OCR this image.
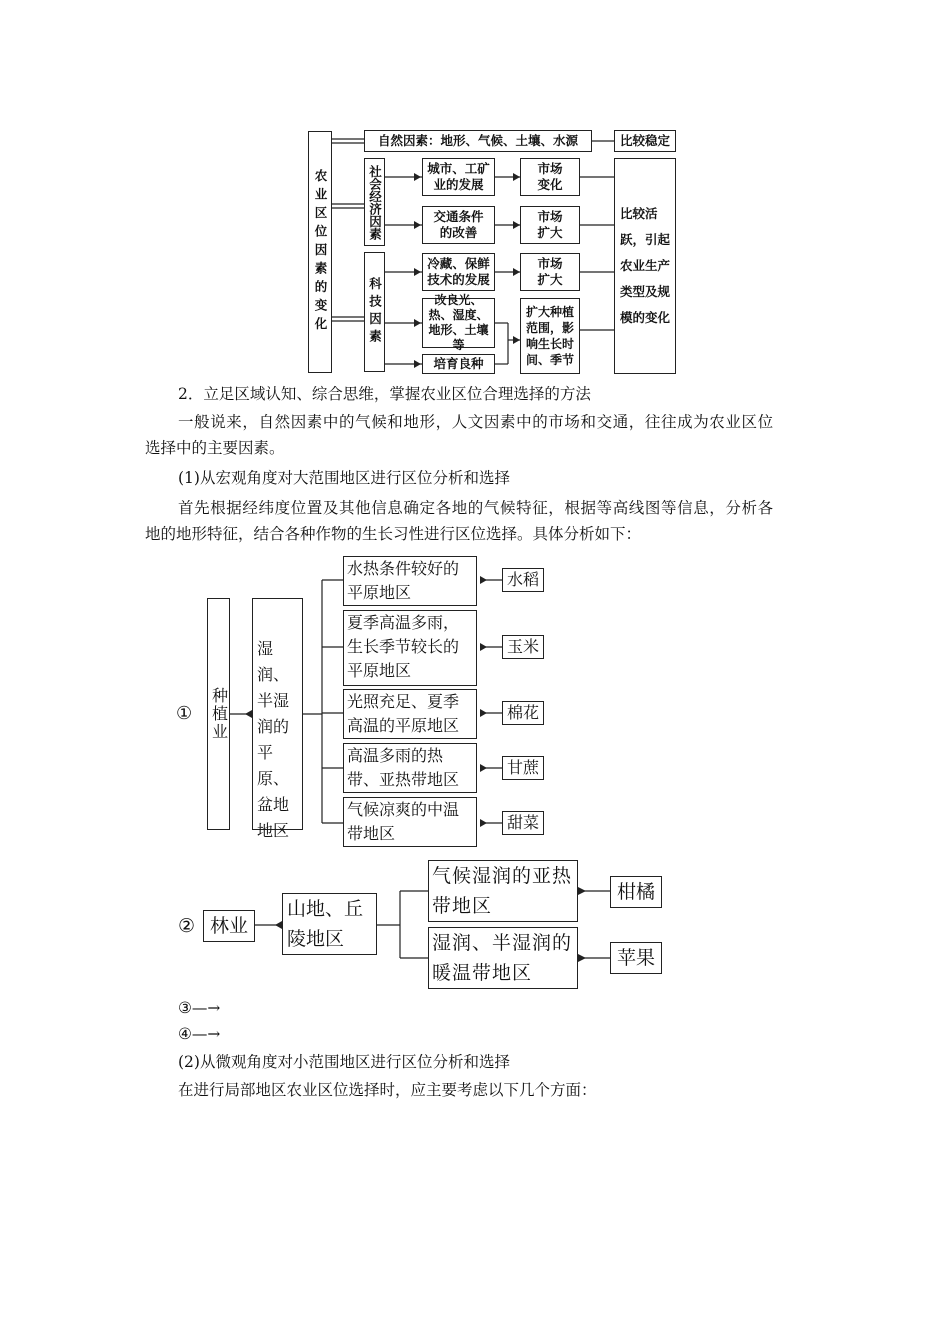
农业区位因素的变化
自然因素：地形、气候、土壤、水源	比较稳定
社会经济因素
科技因素
城市、工矿业的发展
交通条件的改善
冷藏、保鲜技术的发展
改良光、热、湿度、地形、土壤等
培育良种
市场变化
市场扩大
市场扩大
扩大种植范围，影响生长时间、季节
比较活跃，引起农业生产类型及规模的变化
2．立足区域认知、综合思维，掌握农业区位合理选择的方法
一般说来，自然因素中的气候和地形，人文因素中的市场和交通，往往成为农业区位
选择中的主要因素。
(1)从宏观角度对大范围地区进行区位分析和选择
首先根据经纬度位置及其他信息确定各地的气候特征，根据等高线图等信息，分析各
地的地形特征，结合各种作物的生长习性进行区位选择。具体分析如下：
① 种植业
湿润、半湿润的平原、盆地地区
水热条件较好的平原地区
夏季高温多雨，生长季节较长的平原地区
光照充足、夏季高温的平原地区
高温多雨的热带、亚热带地区
气候凉爽的中温带地区
水稻
玉米
棉花
甘蔗
甜菜
② 林业
山地、丘陵地区
气候湿润的亚热带地区
湿润、半湿润的暖温带地区
柑橘
苹果
③—→
④—→
(2)从微观角度对小范围地区进行区位分析和选择
在进行局部地区农业区位选择时，应主要考虑以下几个方面：
